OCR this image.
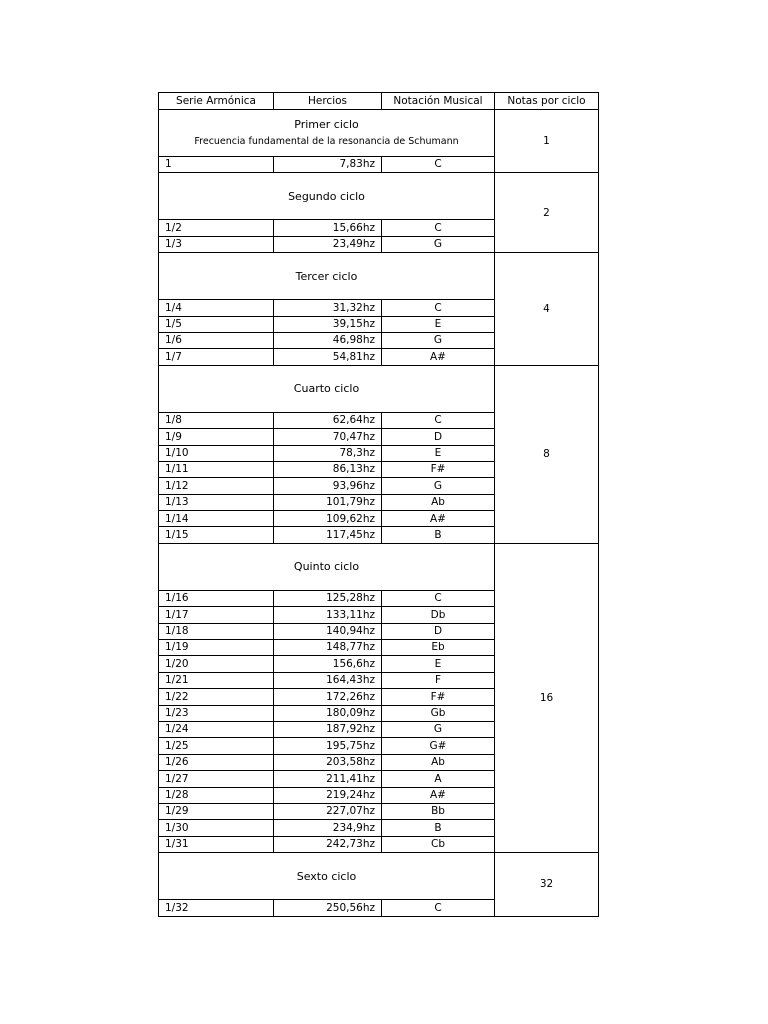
Serie Armónica	Hercios	Notación Musical	Notas por ciclo

Primer ciclo
Frecuencia fundamental de la resonancia de Schumann			1
1	7,83hz	C	

Segundo ciclo			2
1/2	15,66hz	C	
1/3	23,49hz	G	

Tercer ciclo			4
1/4	31,32hz	C	
1/5	39,15hz	E	
1/6	46,98hz	G	
1/7	54,81hz	A#	

Cuarto ciclo			8
1/8	62,64hz	C	
1/9	70,47hz	D	
1/10	78,3hz	E	
1/11	86,13hz	F#	
1/12	93,96hz	G	
1/13	101,79hz	Ab	
1/14	109,62hz	A#	
1/15	117,45hz	B	

Quinto ciclo			16
1/16	125,28hz	C	
1/17	133,11hz	Db	
1/18	140,94hz	D	
1/19	148,77hz	Eb	
1/20	156,6hz	E	
1/21	164,43hz	F	
1/22	172,26hz	F#	
1/23	180,09hz	Gb	
1/24	187,92hz	G	
1/25	195,75hz	G#	
1/26	203,58hz	Ab	
1/27	211,41hz	A	
1/28	219,24hz	A#	
1/29	227,07hz	Bb	
1/30	234,9hz	B	
1/31	242,73hz	Cb	

Sexto ciclo			32
1/32	250,56hz	C	
